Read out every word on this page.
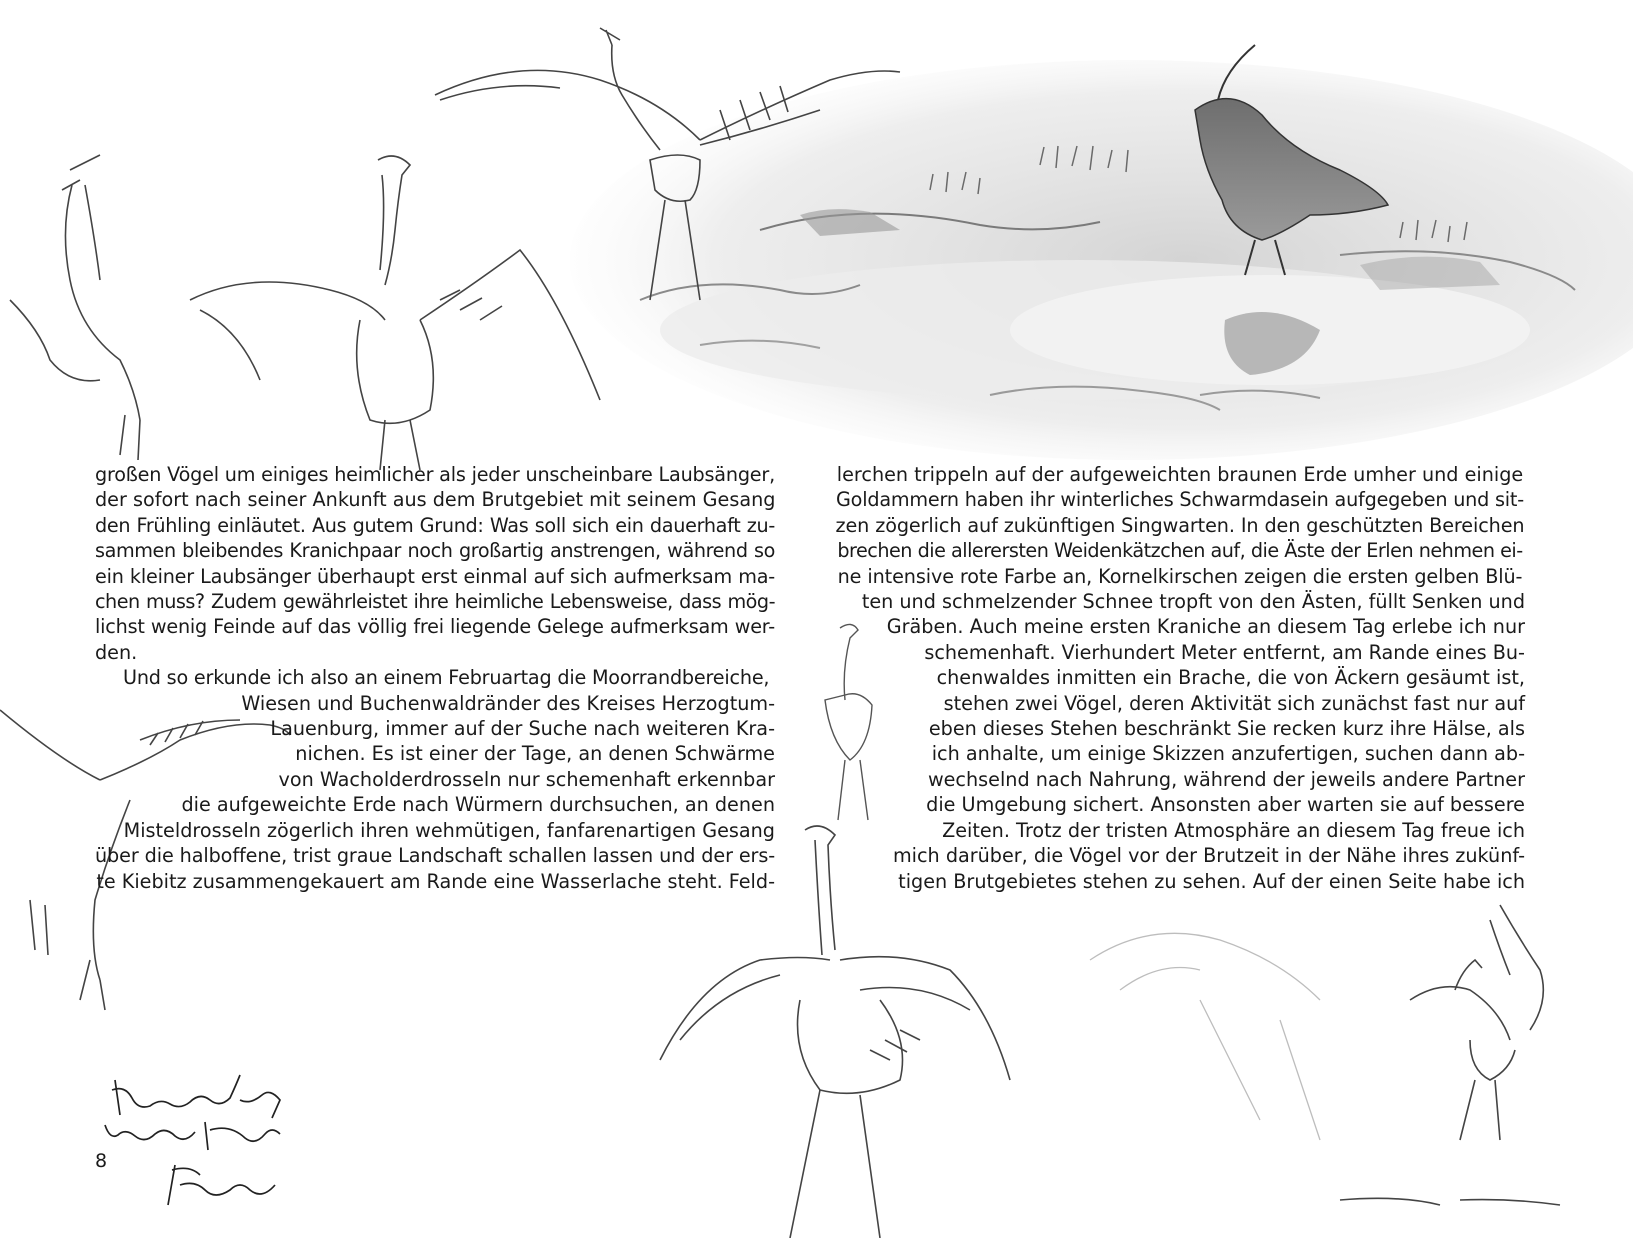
großen Vögel um einiges heimlicher als jeder unscheinbare Laubsänger,
der sofort nach seiner Ankunft aus dem Brutgebiet mit seinem Gesang
den Frühling einläutet. Aus gutem Grund: Was soll sich ein dauerhaft zu-
sammen bleibendes Kranichpaar noch großartig anstrengen, während so
ein kleiner Laubsänger überhaupt erst einmal auf sich aufmerksam ma-
chen muss? Zudem gewährleistet ihre heimliche Lebensweise, dass mög-
lichst wenig Feinde auf das völlig frei liegende Gelege aufmerksam wer-
den.
Und so erkunde ich also an einem Februartag die Moorrandbereiche,
Wiesen und Buchenwaldränder des Kreises Herzogtum-
Lauenburg, immer auf der Suche nach weiteren Kra-
nichen. Es ist einer der Tage, an denen Schwärme
von Wacholderdrosseln nur schemenhaft erkennbar
die aufgeweichte Erde nach Würmern durchsuchen, an denen
Misteldrosseln zögerlich ihren wehmütigen, fanfarenartigen Gesang
über die halboffene, trist graue Landschaft schallen lassen und der ers-
te Kiebitz zusammengekauert am Rande eine Wasserlache steht. Feld-
lerchen trippeln auf der aufgeweichten braunen Erde umher und einige
Goldammern haben ihr winterliches Schwarmdasein aufgegeben und sit-
zen zögerlich auf zukünftigen Singwarten. In den geschützten Bereichen
brechen die allerersten Weidenkätzchen auf, die Äste der Erlen nehmen ei-
ne intensive rote Farbe an, Kornelkirschen zeigen die ersten gelben Blü-
ten und schmelzender Schnee tropft von den Ästen, füllt Senken und
Gräben. Auch meine ersten Kraniche an diesem Tag erlebe ich nur
schemenhaft. Vierhundert Meter entfernt, am Rande eines Bu-
chenwaldes inmitten ein Brache, die von Äckern gesäumt ist,
stehen zwei Vögel, deren Aktivität sich zunächst fast nur auf
eben dieses Stehen beschränkt Sie recken kurz ihre Hälse, als
ich anhalte, um einige Skizzen anzufertigen, suchen dann ab-
wechselnd nach Nahrung, während der jeweils andere Partner
die Umgebung sichert. Ansonsten aber warten sie auf bessere
Zeiten. Trotz der tristen Atmosphäre an diesem Tag freue ich
mich darüber, die Vögel vor der Brutzeit in der Nähe ihres zukünf-
tigen Brutgebietes stehen zu sehen. Auf der einen Seite habe ich
8
